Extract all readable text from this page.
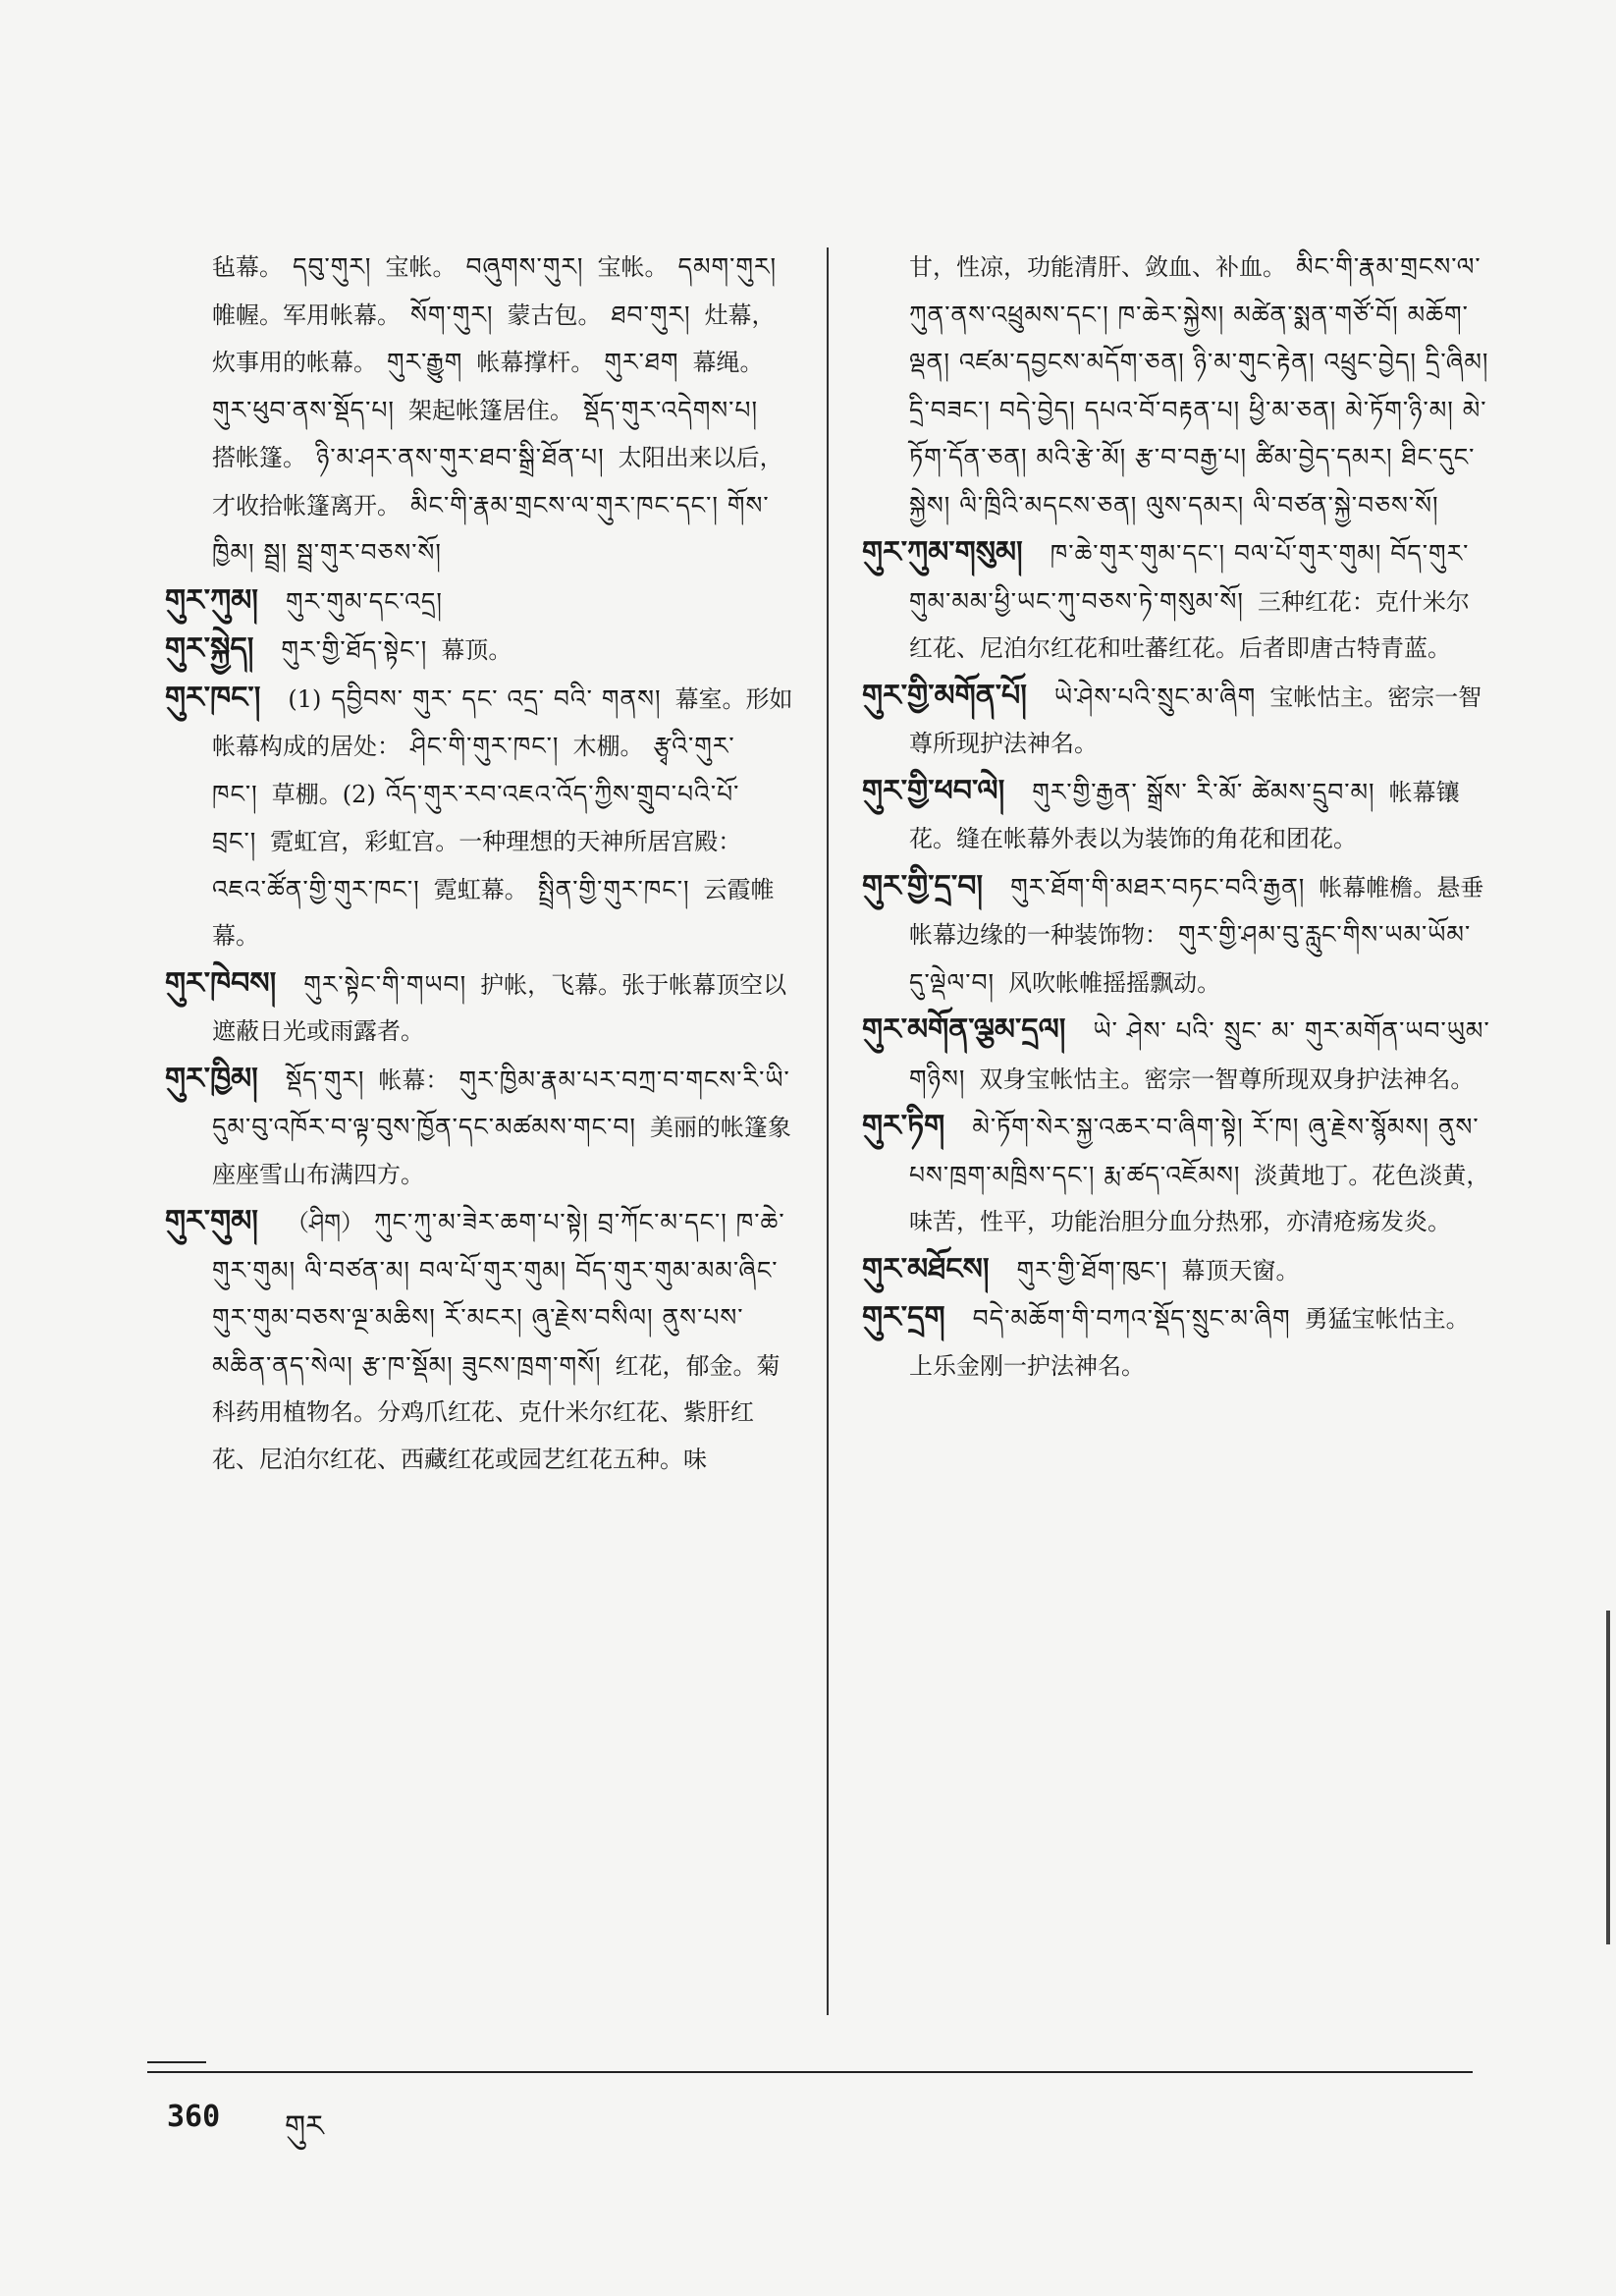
毡幕。 དབུ་གུར། 宝帐。 བཞུགས་གུར། 宝帐。 དམག་གུར།帷幄。军用帐幕。 སོག་གུར། 蒙古包。 ཐབ་གུར། 灶幕，炊事用的帐幕。 གུར་རྒྱུག 帐幕撑杆。 གུར་ཐག 幕绳。གུར་ཕུབ་ནས་སྡོད་པ། 架起帐篷居住。 སྡོད་གུར་འདེགས་པ།搭帐篷。 ཉི་མ་ཤར་ནས་གུར་ཐབ་སྒྲི་ཐོན་པ། 太阳出来以后，才收拾帐篷离开。 མིང་གི་རྣམ་གྲངས་ལ་གུར་ཁང་དང་། གོས་ཁྱིམ། སྦྲ། སྦྲ་གུར་བཅས་སོ།

གུར་ཀུམ། གུར་གུམ་དང་འདྲ།

གུར་སྐྱེད། གུར་གྱི་ཐོད་སྟེང་། 幕顶。

གུར་ཁང་། (1) དབྱིབས་ གུར་ དང་ འདྲ་ བའི་ གནས། 幕室。形如帐幕构成的居处： ཤིང་གི་གུར་ཁང་། 木棚。 རྩྭའི་གུར་ཁང་། 草棚。(2) འོད་གུར་རབ་འཇའ་འོད་ཀྱིས་གྲུབ་པའི་པོ་བྲང་། 霓虹宫，彩虹宫。一种理想的天神所居宫殿：འཇའ་ཚོན་གྱི་གུར་ཁང་། 霓虹幕。 སྤྲིན་གྱི་གུར་ཁང་། 云霞帷幕。

གུར་ཁེབས། གུར་སྟེང་གི་གཡབ། 护帐，飞幕。张于帐幕顶空以遮蔽日光或雨露者。

གུར་ཁྱིམ། སྡོད་གུར། 帐幕： གུར་ཁྱིམ་རྣམ་པར་བཀྲ་བ་གངས་རི་ཡི་དུམ་བུ་འཁོར་བ་ལྟ་བུས་ཁྱོན་དང་མཚམས་གང་བ། 美丽的帐篷象座座雪山布满四方。

གུར་གུམ། （ཤིག） ཀུང་ཀུ་མ་ཟེར་ཆག་པ་སྟེ། བྲ་ཀོང་མ་དང་། ཁ་ཆེ་གུར་གུམ། ལི་བཙན་མ། བལ་པོ་གུར་གུམ། བོད་གུར་གུམ་མམ་ཞིང་གུར་གུམ་བཅས་ལྔ་མཆིས། རོ་མངར། ཞུ་རྗེས་བསིལ། ནུས་པས་མཆིན་ནད་སེལ། རྩ་ཁ་སྡོམ། ཟུངས་ཁྲག་གསོ། 红花，郁金。菊科药用植物名。分鸡爪红花、克什米尔红花、紫肝红花、尼泊尔红花、西藏红花或园艺红花五种。味

甘，性凉，功能清肝、敛血、补血。 མིང་གི་རྣམ་གྲངས་ལ་ཀུན་ནས་འཕྲུམས་དང་། ཁ་ཆེར་སྐྱེས། མཚེན་སྨན་གཙོ་བོ། མཆོག་ལྡན། འཛམ་དབྱངས་མདོག་ཅན། ཉི་མ་གུང་རྟེན། འཕྲུང་བྱེད། དྲི་ཞིམ། དྲི་བཟང་། བདེ་བྱེད། དཔའ་བོ་བརྟན་པ། ཕྱི་མ་ཅན། མེ་ཏོག་ཉི་མ། མེ་ཏོག་དོན་ཅན། མའི་རྩེ་མོ། རྩ་བ་བརྒྱ་པ། ཚིམ་བྱེད་དམར། ཐིང་དུང་སྐྱེས། ལི་ཁྲིའི་མདངས་ཅན། ལུས་དམར། ལི་བཙན་སྐྱེ་བཅས་སོ།

གུར་ཀུམ་གསུམ། ཁ་ཆེ་གུར་གུམ་དང་། བལ་པོ་གུར་གུམ། བོད་གུར་གུམ་མམ་ཕྱི་ཡང་ཀུ་བཅས་ཏེ་གསུམ་སོ། 三种红花：克什米尔红花、尼泊尔红花和吐蕃红花。后者即唐古特青蓝。

གུར་གྱི་མགོན་པོ། ཡེ་ཤེས་པའི་སྲུང་མ་ཞིག 宝帐怙主。密宗一智尊所现护法神名。

གུར་གྱི་ཕབ་ལེ། གུར་གྱི་རྒྱན་ སྒྲོས་ རི་མོ་ ཚེམས་དྲུབ་མ། 帐幕镶花。缝在帐幕外表以为装饰的角花和团花。

གུར་གྱི་དྲ་བ། གུར་ཐོག་གི་མཐར་བཏང་བའི་རྒྱན། 帐幕帷檐。悬垂帐幕边缘的一种装饰物： གུར་གྱི་ཤམ་བུ་རླུང་གིས་ཡམ་ཡོམ་དུ་ལྡེལ་བ། 风吹帐帷摇摇飘动。

གུར་མགོན་ལྕམ་དྲལ། ཡེ་ ཤེས་ པའི་ སྲུང་ མ་ གུར་མགོན་ཡབ་ཡུམ་གཉིས། 双身宝帐怙主。密宗一智尊所现双身护法神名。

གུར་ཏིག མེ་ཏོག་སེར་སྐྱ་འཆར་བ་ཞིག་སྟེ། རོ་ཁ། ཞུ་རྗེས་སྙོམས། ནུས་པས་ཁྲག་མཁྲིས་དང་། རྨ་ཚད་འཇོམས། 淡黄地丁。花色淡黄，味苦，性平，功能治胆分血分热邪，亦清疮疡发炎。

གུར་མཐོངས། གུར་གྱི་ཐོག་ཁུང་། 幕顶天窗。

གུར་དྲག བདེ་མཆོག་གི་བཀའ་སྡོད་སྲུང་མ་ཞིག 勇猛宝帐怙主。上乐金刚一护法神名。

360 གུར
